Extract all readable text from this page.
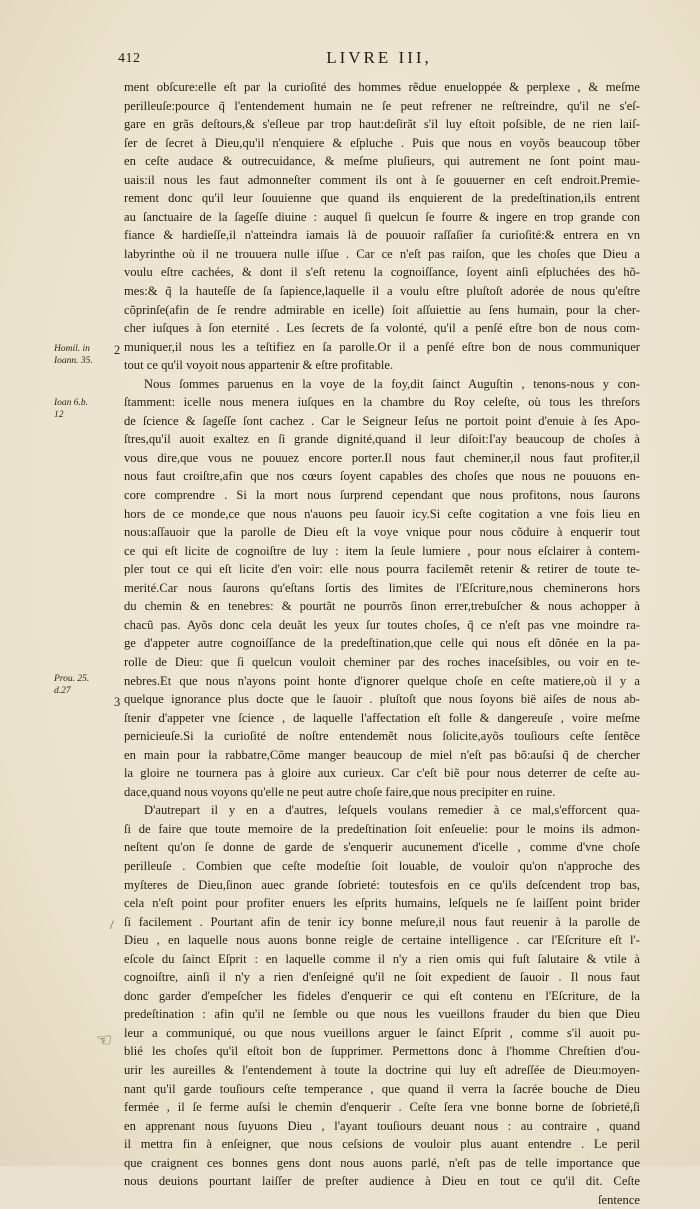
412	LIVRE III,
Homil. in
Ioann. 35.
Ioan 6.b.
12
Prou. 25.
d.27
2
3
/
☜
ment obſcure:elle eſt par la curioſité des hommes rẽdue enueloppée & perplexe , & meſme
perilleuſe:pource q̃ l'entendement humain ne ſe peut refrener ne reſtreindre, qu'il ne s'eſ-
gare en grãs deſtours,& s'eſleue par trop haut:deſirãt s'il luy eſtoit poſsible, de ne rien laiſ-
ſer de ſecret à Dieu,qu'il n'enquiere & eſpluche . Puis que nous en voyõs beaucoup tõber
en ceſte audace & outrecuidance, & meſme pluſieurs, qui autrement ne ſont point mau-
uais:il nous les faut admonneſter comment ils ont à ſe gouuerner en ceſt endroit.Premie-
rement donc qu'il leur ſouuienne que quand ils enquierent de la predeſtination,ils entrent
au ſanctuaire de la ſageſſe diuine : auquel ſi quelcun ſe fourre & ingere en trop grande con
fiance & hardieſſe,il n'atteindra iamais là de pouuoir raſſaſier ſa curioſité:& entrera en vn
labyrinthe où il ne trouuera nulle iſſue . Car ce n'eſt pas raiſon, que les choſes que Dieu a
voulu eſtre cachées, & dont il s'eſt retenu la cognoiſſance, ſoyent ainſi eſpluchées des hõ-
mes:& q̃ la hauteſſe de ſa ſapience,laquelle il a voulu eſtre pluſtoſt adorée de nous qu'eſtre
cõprinſe(afin de ſe rendre admirable en icelle) ſoit aſſuiettie au ſens humain, pour la cher-
cher iuſques à ſon eternité . Les ſecrets de ſa volonté, qu'il a penſé eſtre bon de nous com-
muniquer,il nous les a teſtifiez en ſa parolle.Or il a penſé eſtre bon de nous communiquer
tout ce qu'il voyoit nous appartenir & eſtre profitable.
Nous ſommes paruenus en la voye de la foy,dit ſainct Auguſtin , tenons-nous y con-
ſtamment: icelle nous menera iuſques en la chambre du Roy celeſte, où tous les threſors
de ſcience & ſageſſe ſont cachez . Car le Seigneur Ieſus ne portoit point d'enuie à ſes Apo-
ſtres,qu'il auoit exaltez en ſi grande dignité,quand il leur diſoit:I'ay beaucoup de choſes à
vous dire,que vous ne pouuez encore porter.Il nous faut cheminer,il nous faut profiter,il
nous faut croiſtre,afin que nos cœurs ſoyent capables des choſes que nous ne pouuons en-
core comprendre . Si la mort nous ſurprend cependant que nous profitons, nous ſaurons
hors de ce monde,ce que nous n'auons peu ſauoir icy.Si ceſte cogitation a vne fois lieu en
nous:aſſauoir que la parolle de Dieu eſt la voye vnique pour nous cõduire à enquerir tout
ce qui eſt licite de cognoiſtre de luy : item la ſeule lumiere , pour nous eſclairer à contem-
pler tout ce qui eſt licite d'en voir: elle nous pourra facilemẽt retenir & retirer de toute te-
merité.Car nous ſaurons qu'eſtans ſortis des limites de l'Eſcriture,nous cheminerons hors
du chemin & en tenebres: & pourtãt ne pourrõs ſinon errer,trebuſcher & nous achopper à
chacũ pas. Ayõs donc cela deuãt les yeux ſur toutes choſes, q̃ ce n'eſt pas vne moindre ra-
ge d'appeter autre cognoiſſance de la predeſtination,que celle qui nous eſt dõnée en la pa-
rolle de Dieu: que ſi quelcun vouloit cheminer par des roches inaceſsibles, ou voir en te-
nebres.Et que nous n'ayons point honte d'ignorer quelque choſe en ceſte matiere,où il y a
quelque ignorance plus docte que le ſauoir . pluſtoſt que nous ſoyons bië aiſes de nous ab-
ſtenir d'appeter vne ſcience , de laquelle l'affectation eſt folle & dangereuſe , voire meſme
pernicieuſe.Si la curioſité de noſtre entendemẽt nous ſolicite,ayõs touſiours ceſte ſentẽce
en main pour la rabbatre,Cõme manger beaucoup de miel n'eſt pas bõ:auſsi q̃ de chercher
la gloire ne tournera pas à gloire aux curieux. Car c'eſt biẽ pour nous deterrer de ceſte au-
dace,quand nous voyons qu'elle ne peut autre choſe faire,que nous precipiter en ruine.
D'autrepart il y en a d'autres, leſquels voulans remedier à ce mal,s'efforcent qua-
ſi de faire que toute memoire de la predeſtination ſoit enſeuelie: pour le moins ils admon-
neſtent qu'on ſe donne de garde de s'enquerir aucunement d'icelle , comme d'vne choſe
perilleuſe . Combien que ceſte modeſtie ſoit louable, de vouloir qu'on n'approche des
myſteres de Dieu,ſinon auec grande ſobrieté: toutesfois en ce qu'ils deſcendent trop bas,
cela n'eſt point pour profiter enuers les eſprits humains, leſquels ne ſe laiſſent point brider
ſi facilement . Pourtant afin de tenir icy bonne meſure,il nous faut reuenir à la parolle de
Dieu , en laquelle nous auons bonne reigle de certaine intelligence . car l'Eſcriture eſt l'-
eſcole du ſainct Eſprit : en laquelle comme il n'y a rien omis qui fuſt ſalutaire & vtile à
cognoiſtre, ainſi il n'y a rien d'enſeigné qu'il ne ſoit expedient de ſauoir . Il nous faut
donc garder d'empeſcher les fideles d'enquerir ce qui eſt contenu en l'Eſcriture, de la
predeſtination : afin qu'il ne ſemble ou que nous les vueillons frauder du bien que Dieu
leur a communiqué, ou que nous vueillons arguer le ſainct Eſprit , comme s'il auoit pu-
blié les choſes qu'il eſtoit bon de ſupprimer. Permettons donc à l'homme Chreſtien d'ou-
urir les aureilles & l'entendement à toute la doctrine qui luy eſt adreſſée de Dieu:moyen-
nant qu'il garde touſiours ceſte temperance , que quand il verra la ſacrée bouche de Dieu
fermée , il ſe ferme auſsi le chemin d'enquerir . Ceſte ſera vne bonne borne de ſobrieté,ſi
en apprenant nous ſuyuons Dieu , l'ayant touſiours deuant nous : au contraire , quand
il mettra fin à enſeigner, que nous ceſsions de vouloir plus auant entendre . Le peril
que craignent ces bonnes gens dont nous auons parlé, n'eſt pas de telle importance que
nous deuions pourtant laiſſer de preſter audience à Dieu en tout ce qu'il dit. Ceſte
ſentence
